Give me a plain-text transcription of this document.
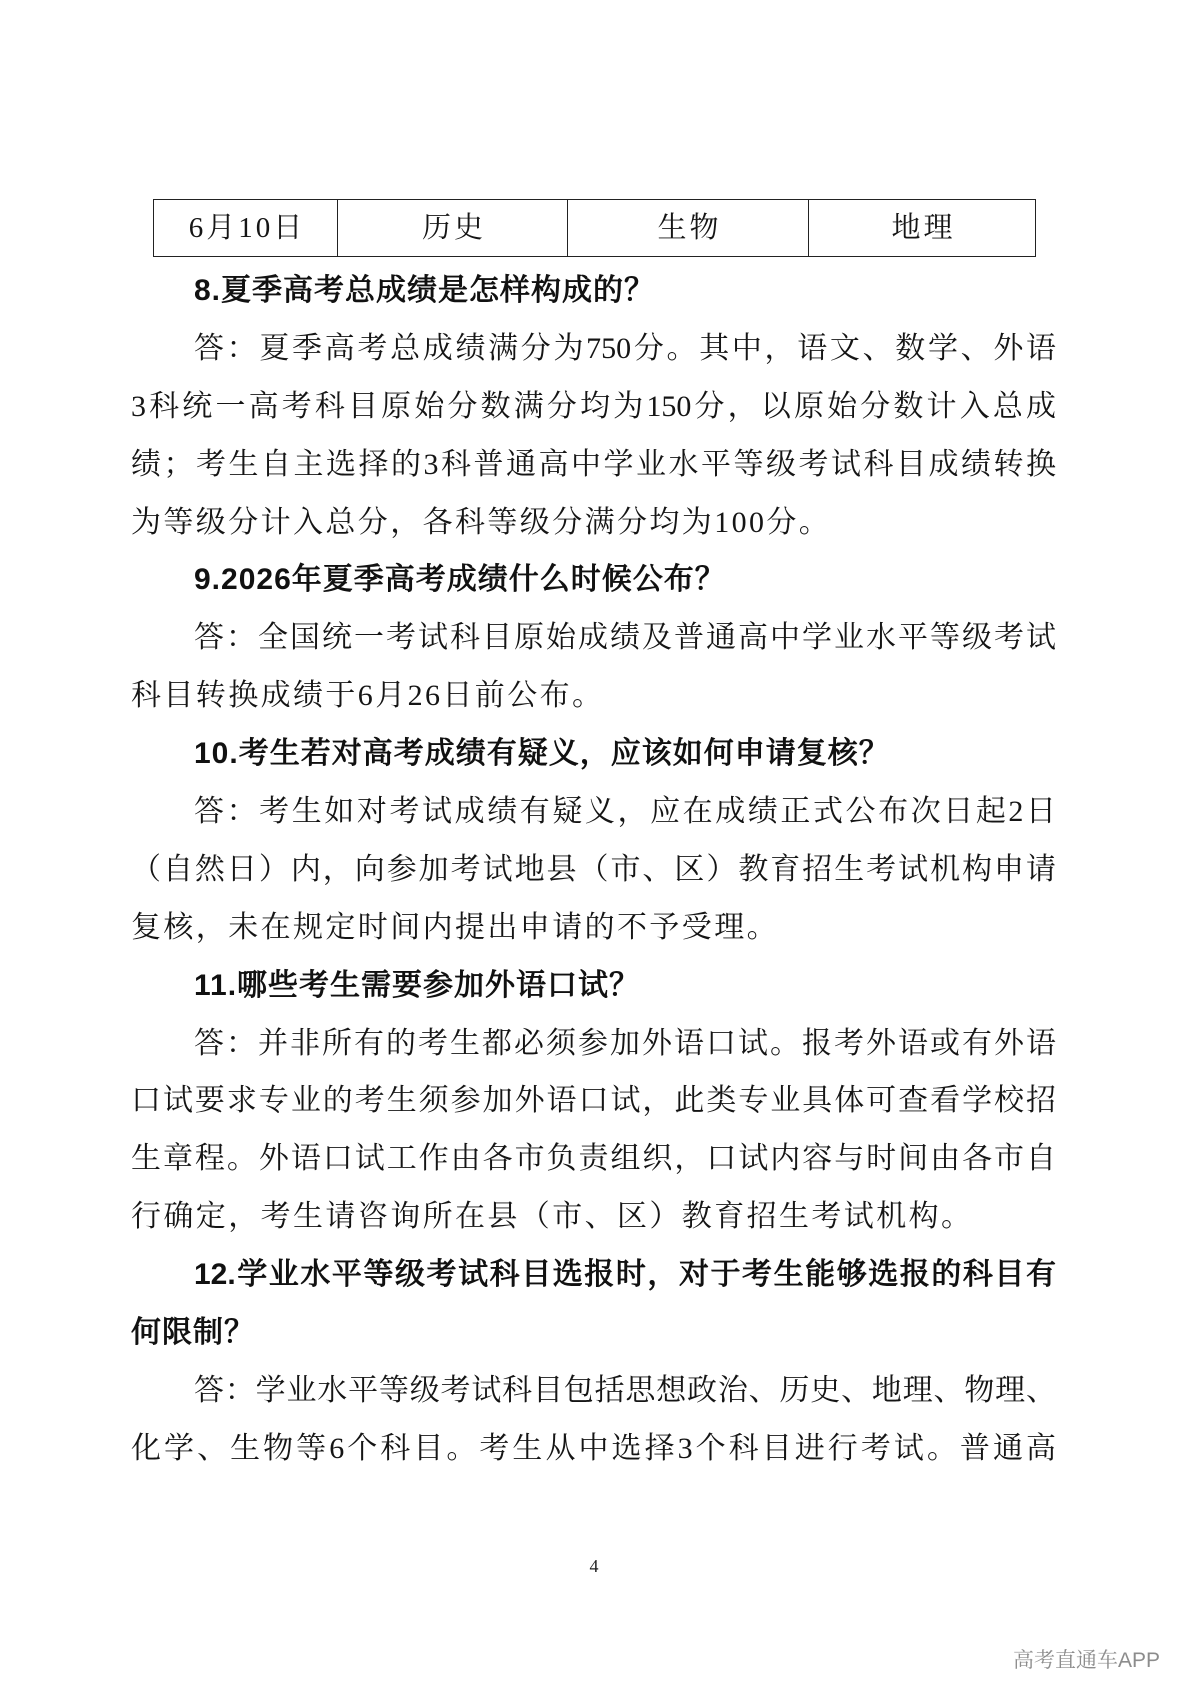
6月10日	历史	生物	地理
8.夏季高考总成绩是怎样构成的？
答：夏季高考总成绩满分为750分。其中，语文、数学、外语
3科统一高考科目原始分数满分均为150分，以原始分数计入总成
绩；考生自主选择的3科普通高中学业水平等级考试科目成绩转换
为等级分计入总分，各科等级分满分均为100分。
9.2026年夏季高考成绩什么时候公布？
答：全国统一考试科目原始成绩及普通高中学业水平等级考试
科目转换成绩于6月26日前公布。
10.考生若对高考成绩有疑义，应该如何申请复核？
答：考生如对考试成绩有疑义，应在成绩正式公布次日起2日
（自然日）内，向参加考试地县（市、区）教育招生考试机构申请
复核，未在规定时间内提出申请的不予受理。
11.哪些考生需要参加外语口试？
答：并非所有的考生都必须参加外语口试。报考外语或有外语
口试要求专业的考生须参加外语口试，此类专业具体可查看学校招
生章程。外语口试工作由各市负责组织，口试内容与时间由各市自
行确定，考生请咨询所在县（市、区）教育招生考试机构。
12.学业水平等级考试科目选报时，对于考生能够选报的科目有
何限制？
答：学业水平等级考试科目包括思想政治、历史、地理、物理、
化学、生物等6个科目。考生从中选择3个科目进行考试。普通高
4
高考直通车APP
